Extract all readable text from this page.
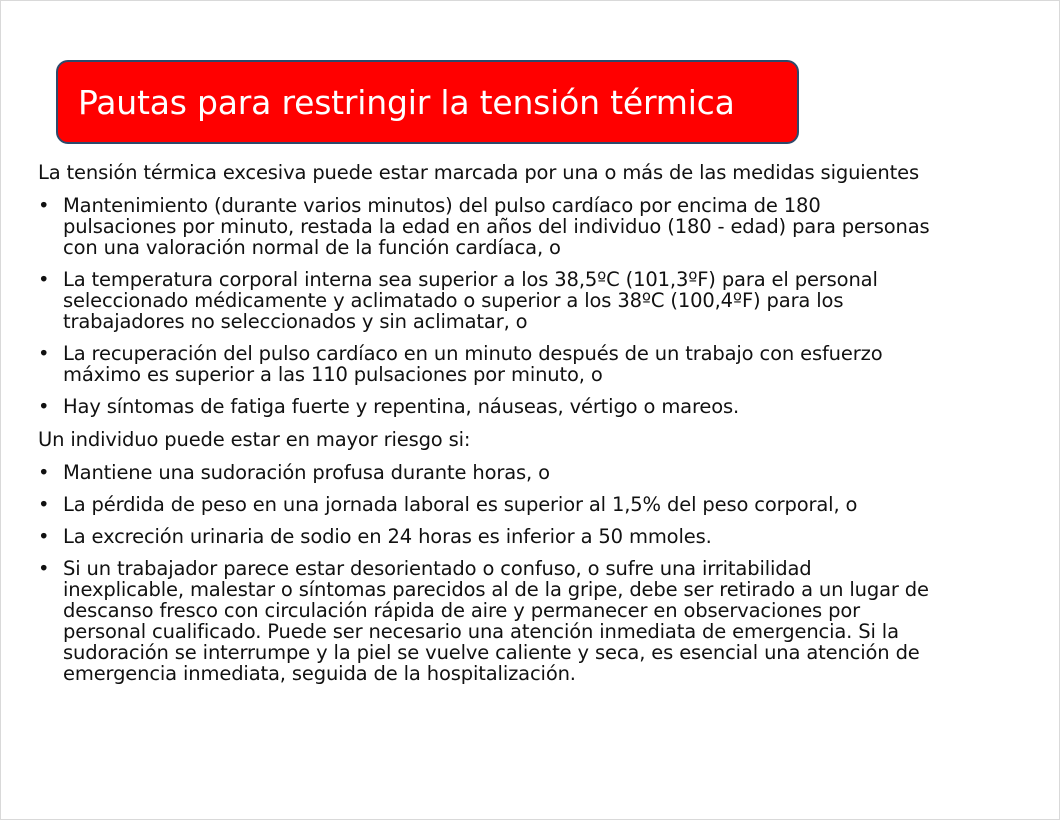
Pautas para restringir la tensión térmica
La tensión térmica excesiva puede estar marcada por una o más de las medidas siguientes
• Mantenimiento (durante varios minutos) del pulso cardíaco por encima de 180
pulsaciones por minuto, restada la edad en años del individuo (180 - edad) para personas
con una valoración normal de la función cardíaca, o
• La temperatura corporal interna sea superior a los 38,5ºC (101,3ºF) para el personal
seleccionado médicamente y aclimatado o superior a los 38ºC (100,4ºF) para los
trabajadores no seleccionados y sin aclimatar, o
• La recuperación del pulso cardíaco en un minuto después de un trabajo con esfuerzo
máximo es superior a las 110 pulsaciones por minuto, o
• Hay síntomas de fatiga fuerte y repentina, náuseas, vértigo o mareos.
Un individuo puede estar en mayor riesgo si:
• Mantiene una sudoración profusa durante horas, o
• La pérdida de peso en una jornada laboral es superior al 1,5% del peso corporal, o
• La excreción urinaria de sodio en 24 horas es inferior a 50 mmoles.
• Si un trabajador parece estar desorientado o confuso, o sufre una irritabilidad
inexplicable, malestar o síntomas parecidos al de la gripe, debe ser retirado a un lugar de
descanso fresco con circulación rápida de aire y permanecer en observaciones por
personal cualificado. Puede ser necesario una atención inmediata de emergencia. Si la
sudoración se interrumpe y la piel se vuelve caliente y seca, es esencial una atención de
emergencia inmediata, seguida de la hospitalización.
